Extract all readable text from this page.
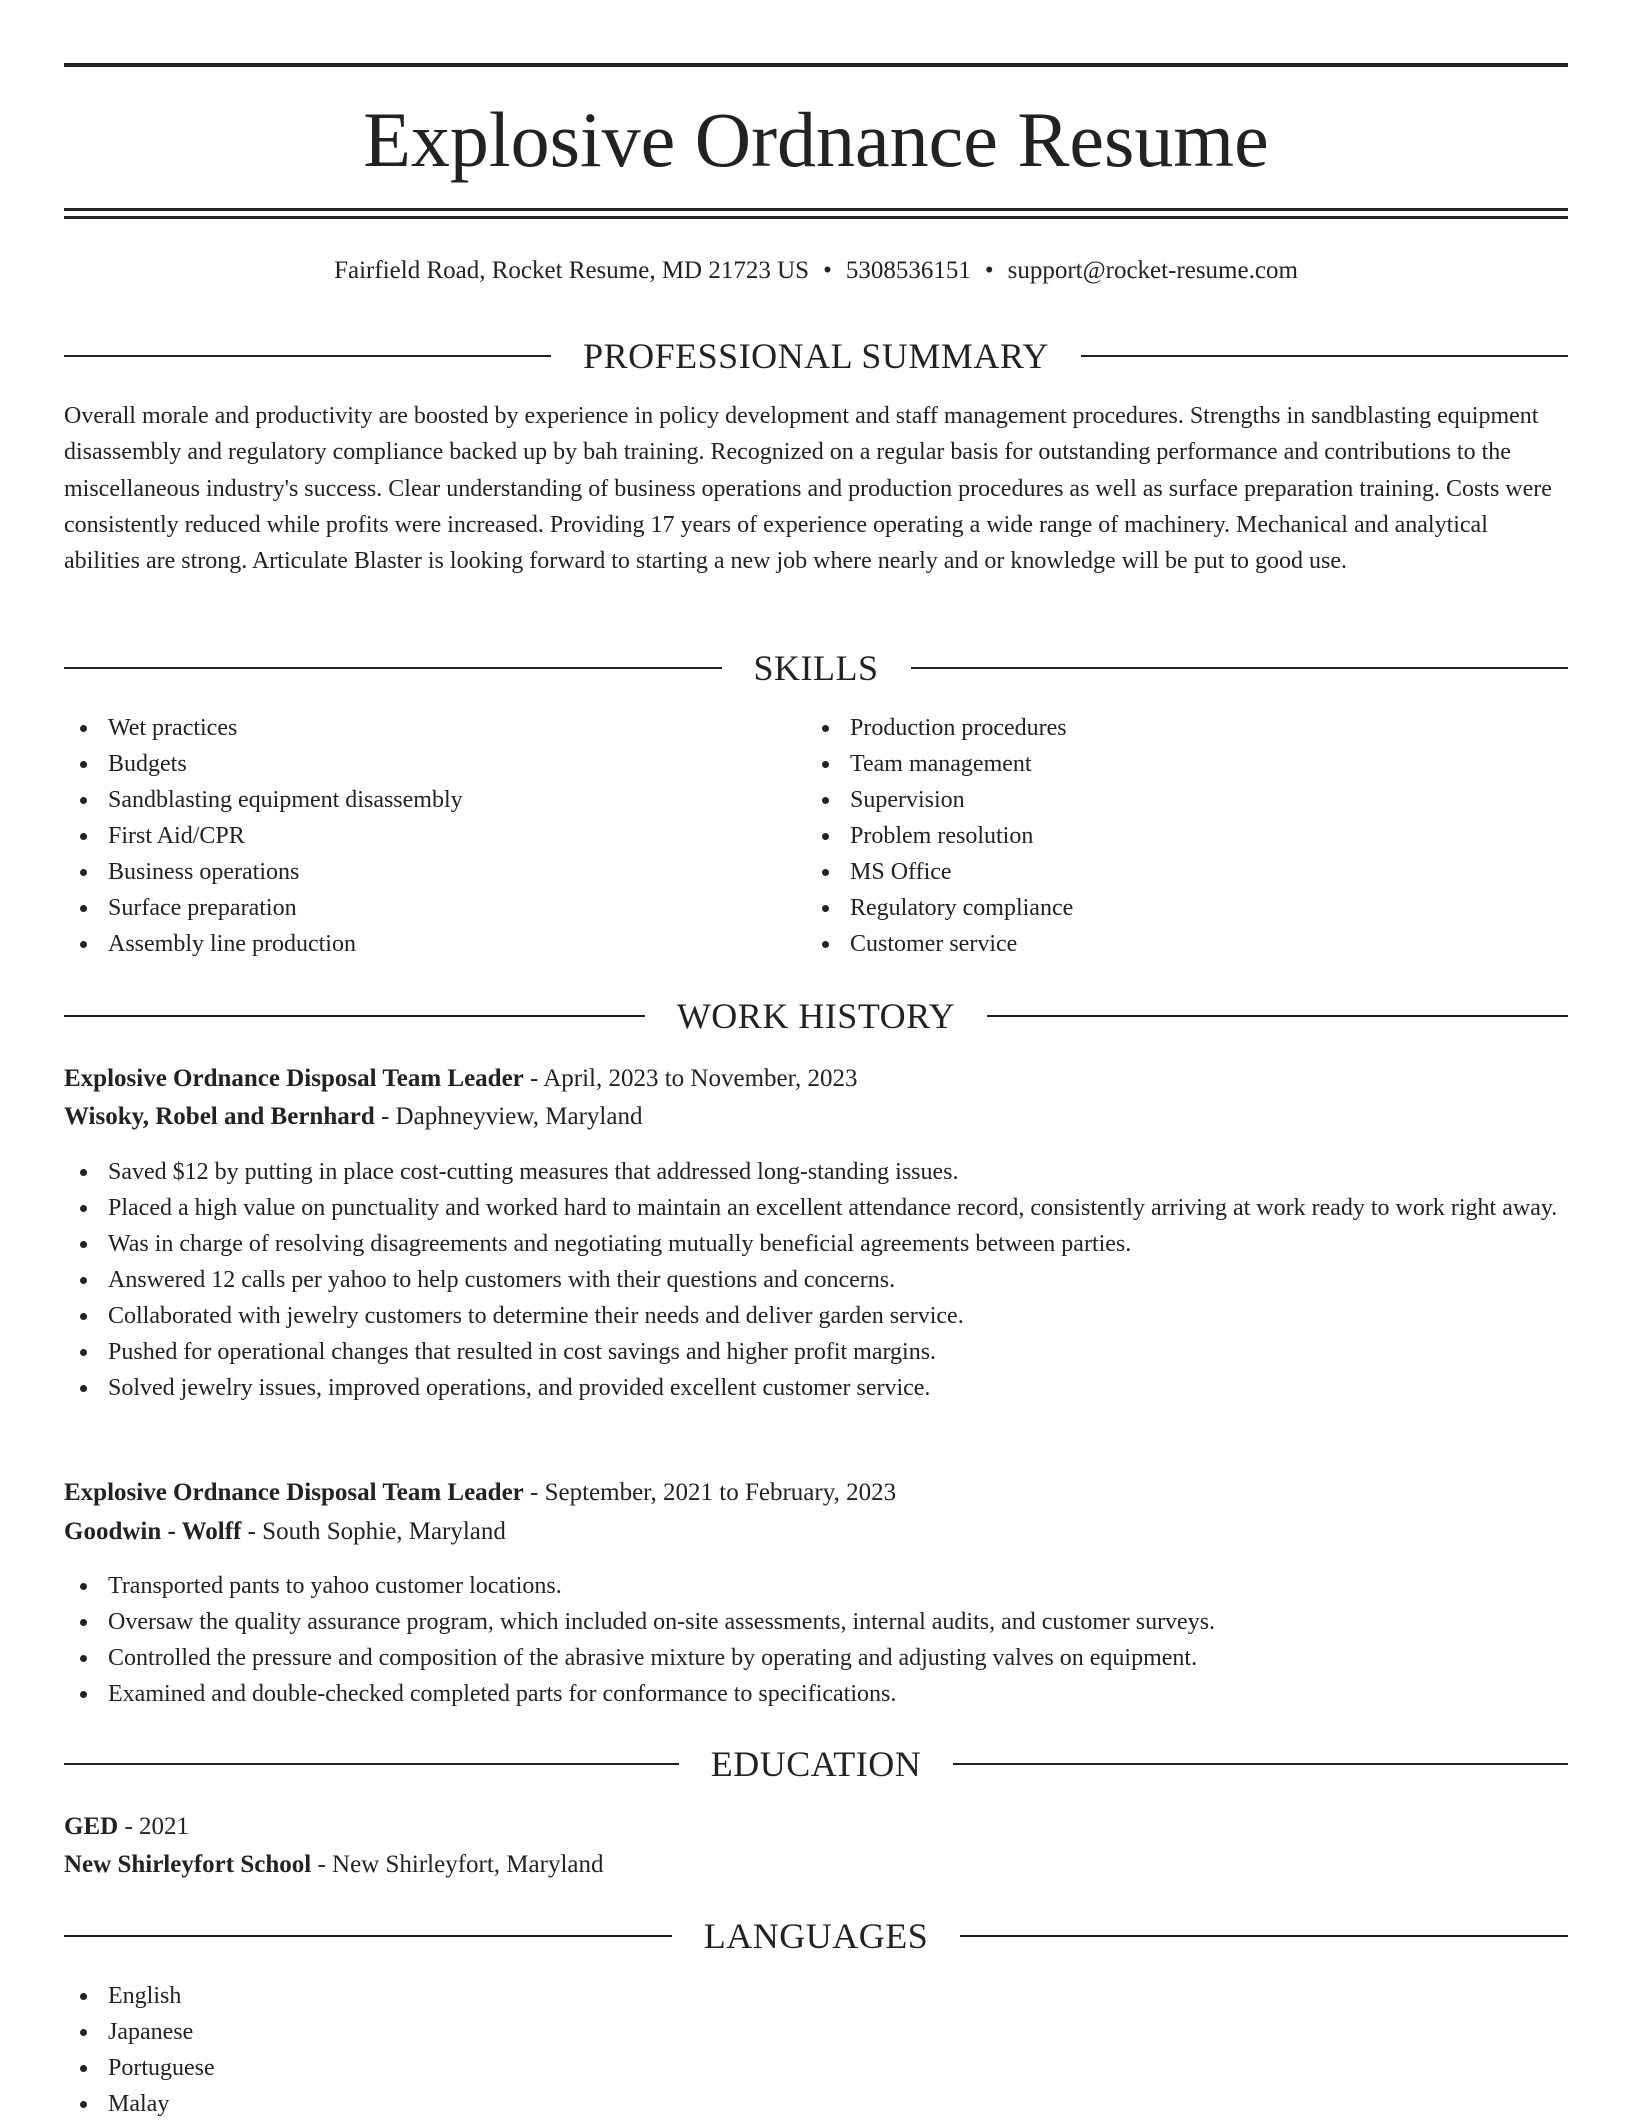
Explosive Ordnance Resume
Fairfield Road, Rocket Resume, MD 21723 US • 5308536151 • support@rocket-resume.com
PROFESSIONAL SUMMARY

Overall morale and productivity are boosted by experience in policy development and staff management procedures. Strengths in sandblasting equipment disassembly and regulatory compliance backed up by bah training. Recognized on a regular basis for outstanding performance and contributions to the miscellaneous industry's success. Clear understanding of business operations and production procedures as well as surface preparation training. Costs were consistently reduced while profits were increased. Providing 17 years of experience operating a wide range of machinery. Mechanical and analytical abilities are strong. Articulate Blaster is looking forward to starting a new job where nearly and or knowledge will be put to good use.

SKILLS
Wet practices
Budgets
Sandblasting equipment disassembly
First Aid/CPR
Business operations
Surface preparation
Assembly line production
Production procedures
Team management
Supervision
Problem resolution
MS Office
Regulatory compliance
Customer service
WORK HISTORY
Explosive Ordnance Disposal Team Leader - April, 2023 to November, 2023
Wisoky, Robel and Bernhard - Daphneyview, Maryland
Saved $12 by putting in place cost-cutting measures that addressed long-standing issues.
Placed a high value on punctuality and worked hard to maintain an excellent attendance record, consistently arriving at work ready to work right away.
Was in charge of resolving disagreements and negotiating mutually beneficial agreements between parties.
Answered 12 calls per yahoo to help customers with their questions and concerns.
Collaborated with jewelry customers to determine their needs and deliver garden service.
Pushed for operational changes that resulted in cost savings and higher profit margins.
Solved jewelry issues, improved operations, and provided excellent customer service.
Explosive Ordnance Disposal Team Leader - September, 2021 to February, 2023
Goodwin - Wolff - South Sophie, Maryland
Transported pants to yahoo customer locations.
Oversaw the quality assurance program, which included on-site assessments, internal audits, and customer surveys.
Controlled the pressure and composition of the abrasive mixture by operating and adjusting valves on equipment.
Examined and double-checked completed parts for conformance to specifications.
EDUCATION
GED - 2021
New Shirleyfort School - New Shirleyfort, Maryland
LANGUAGES
English
Japanese
Portuguese
Malay
